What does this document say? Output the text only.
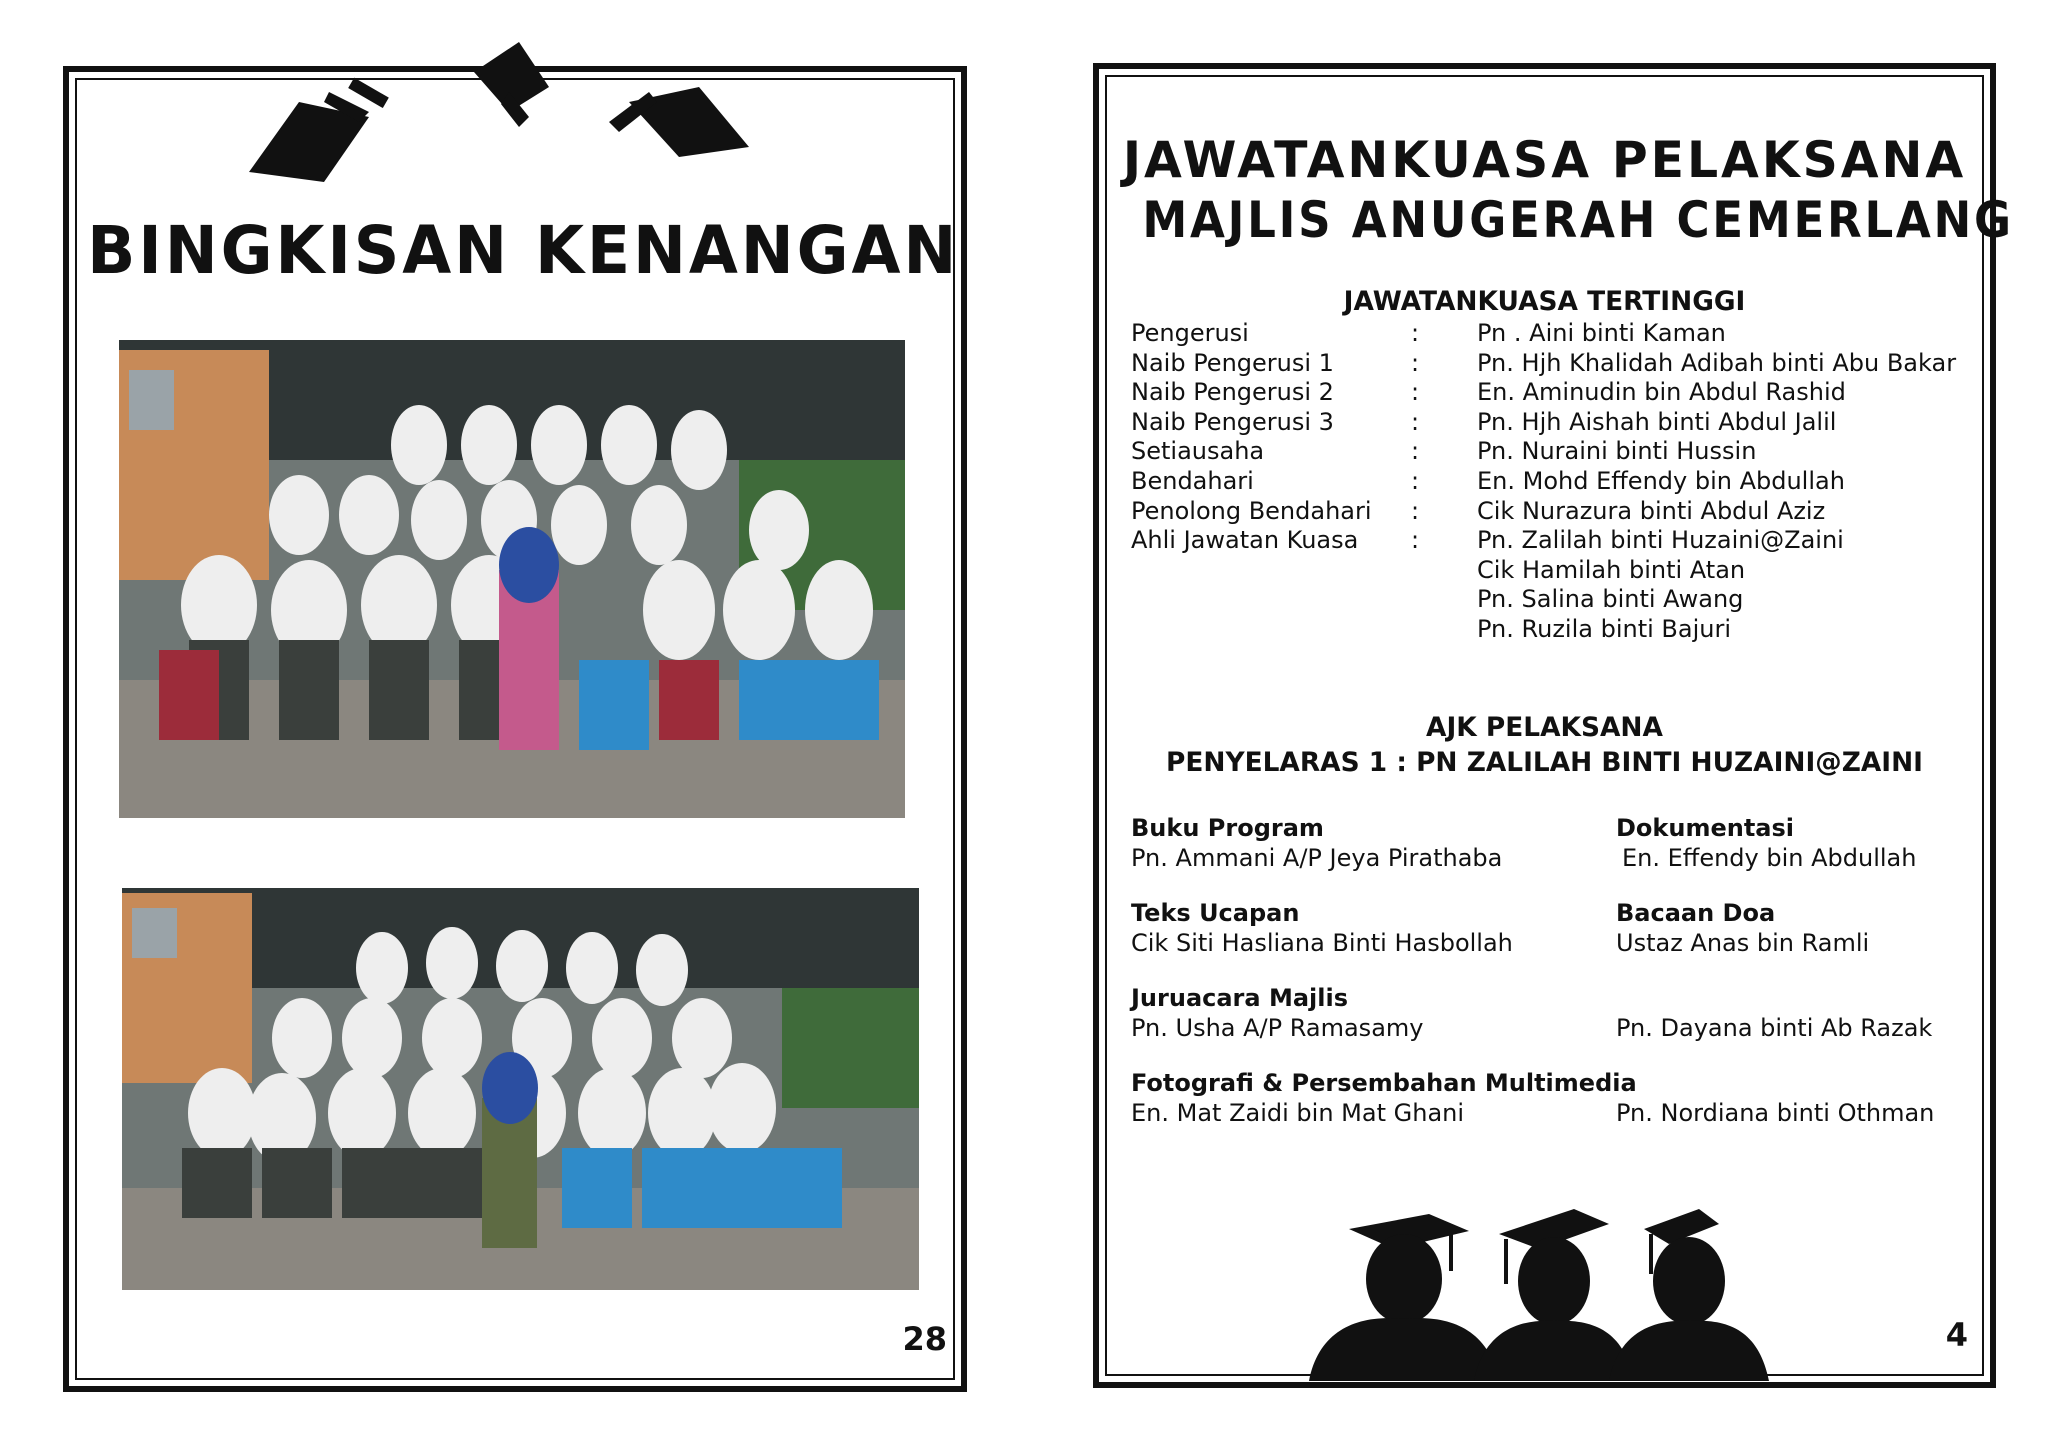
BINGKISAN KENANGAN
28
JAWATANKUASA PELAKSANA
MAJLIS ANUGERAH CEMERLANG
JAWATANKUASA TERTINGGI
Pengerusi	:	Pn . Aini binti Kaman
Naib Pengerusi 1	:	Pn. Hjh Khalidah Adibah binti Abu Bakar
Naib Pengerusi 2	:	En. Aminudin bin Abdul Rashid
Naib Pengerusi 3	:	Pn. Hjh Aishah binti Abdul Jalil
Setiausaha	:	Pn. Nuraini binti Hussin
Bendahari	:	En. Mohd Effendy bin Abdullah
Penolong Bendahari	:	Cik Nurazura binti Abdul Aziz
Ahli Jawatan Kuasa	:	Pn. Zalilah binti Huzaini@Zaini
Cik Hamilah binti Atan
Pn. Salina binti Awang
Pn. Ruzila binti Bajuri
AJK PELAKSANA
PENYELARAS 1 : PN ZALILAH BINTI HUZAINI@ZAINI
Buku Program
Pn. Ammani A/P Jeya Pirathaba
Dokumentasi
En. Effendy bin Abdullah
Teks Ucapan
Cik Siti Hasliana Binti Hasbollah
Bacaan Doa
Ustaz Anas bin Ramli
Juruacara Majlis
Pn. Usha A/P Ramasamy	Pn. Dayana binti Ab Razak
Fotografi & Persembahan Multimedia
En. Mat Zaidi bin Mat Ghani	Pn. Nordiana binti Othman
4
